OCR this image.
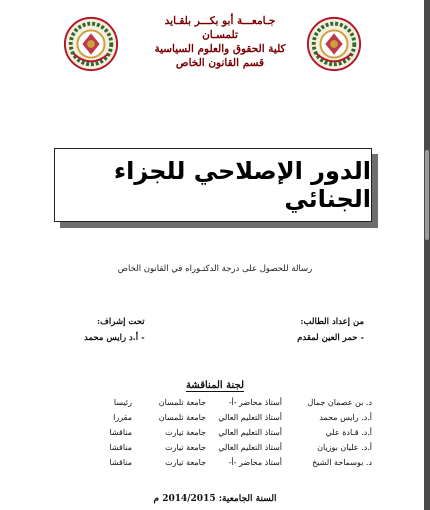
جـامعـــة أبو بكـــر بلقـايد
تلمسـان
كلية الحقوق والعلوم السياسية
قسم القانون الخاص
الدور الإصلاحي للجزاء الجنائي
رسالة للحصول على درجة الدكتـوراه في القانون الخاص
من إعداد الطالب:
- حمر العين لمقدم
تحت إشراف:
- أ.د رايس محمد
لجنة المناقشة
د. بن عصمان جمال
أستاذ محاضر -أ-
جامعة تلمسان
رئيسا
أ.د. رايس محمد
أستاذ التعليم العالي
جامعة تلمسان
مقررا
أ.د. قـادة علي
أستاذ التعليم العالي
جامعة تيارت
مناقشا
أ.د. عليان بوزيان
أستاذ التعليم العالي
جامعة تيارت
مناقشا
د. بوسماحة الشيخ
أستاذ محاضر -أ-
جامعة تيارت
مناقشا
السنة الجامعية: 2014/2015 م
